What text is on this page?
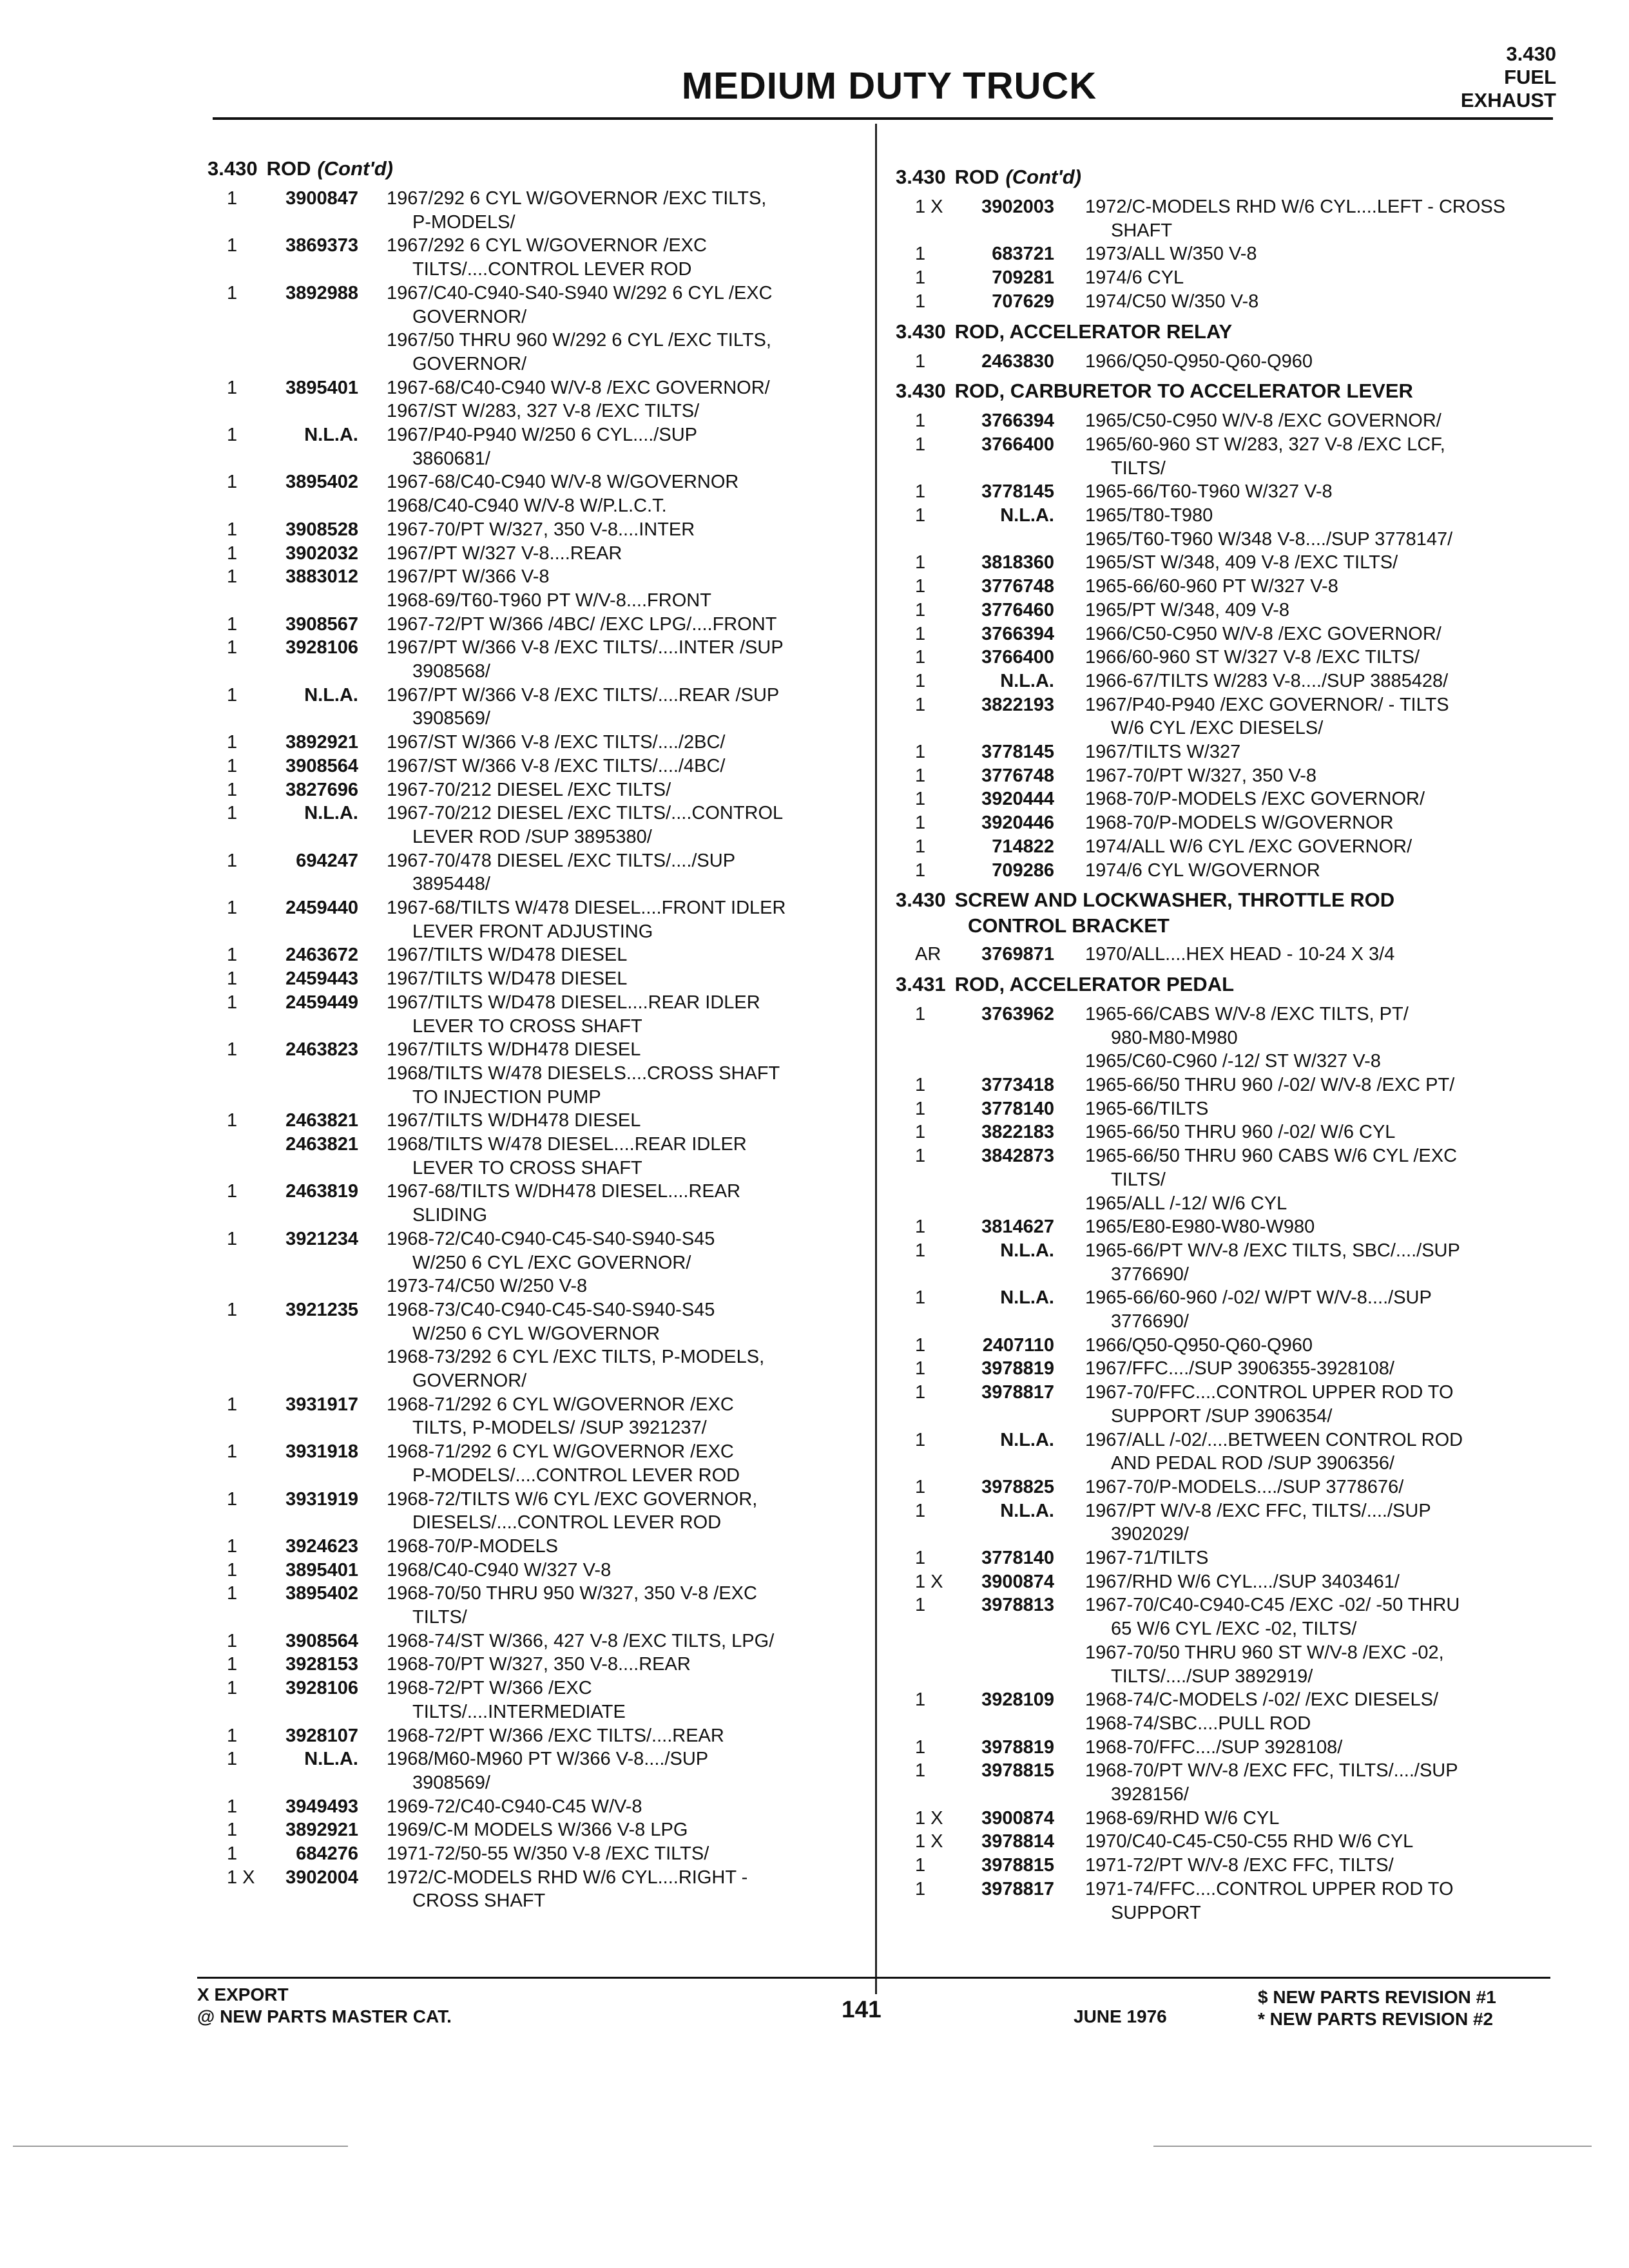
MEDIUM DUTY TRUCK
3.430
FUEL
EXHAUST
3.430 ROD (Cont'd)
1	3900847 1967/292 6 CYL W/GOVERNOR /EXC TILTS,
P-MODELS/
1	3869373 1967/292 6 CYL W/GOVERNOR /EXC
TILTS/....CONTROL LEVER ROD
1	3892988 1967/C40-C940-S40-S940 W/292 6 CYL /EXC
GOVERNOR/
1967/50 THRU 960 W/292 6 CYL /EXC TILTS,
GOVERNOR/
1	3895401 1967-68/C40-C940 W/V-8 /EXC GOVERNOR/
1967/ST W/283, 327 V-8 /EXC TILTS/
1	N.L.A. 1967/P40-P940 W/250 6 CYL..../SUP
3860681/
1	3895402 1967-68/C40-C940 W/V-8 W/GOVERNOR
1968/C40-C940 W/V-8 W/P.L.C.T.
1	3908528 1967-70/PT W/327, 350 V-8....INTER
1	3902032 1967/PT W/327 V-8....REAR
1	3883012 1967/PT W/366 V-8
1968-69/T60-T960 PT W/V-8....FRONT
1	3908567 1967-72/PT W/366 /4BC/ /EXC LPG/....FRONT
1	3928106 1967/PT W/366 V-8 /EXC TILTS/....INTER /SUP
3908568/
1	N.L.A. 1967/PT W/366 V-8 /EXC TILTS/....REAR /SUP
3908569/
1	3892921 1967/ST W/366 V-8 /EXC TILTS/..../2BC/
1	3908564 1967/ST W/366 V-8 /EXC TILTS/..../4BC/
1	3827696 1967-70/212 DIESEL /EXC TILTS/
1	N.L.A. 1967-70/212 DIESEL /EXC TILTS/....CONTROL
LEVER ROD /SUP 3895380/
1	694247 1967-70/478 DIESEL /EXC TILTS/..../SUP
3895448/
1	2459440 1967-68/TILTS W/478 DIESEL....FRONT IDLER
LEVER FRONT ADJUSTING
1	2463672 1967/TILTS W/D478 DIESEL
1	2459443 1967/TILTS W/D478 DIESEL
1	2459449 1967/TILTS W/D478 DIESEL....REAR IDLER
LEVER TO CROSS SHAFT
1	2463823 1967/TILTS W/DH478 DIESEL
1968/TILTS W/478 DIESELS....CROSS SHAFT
TO INJECTION PUMP
1	2463821 1967/TILTS W/DH478 DIESEL
2463821 1968/TILTS W/478 DIESEL....REAR IDLER
LEVER TO CROSS SHAFT
1	2463819 1967-68/TILTS W/DH478 DIESEL....REAR
SLIDING
1	3921234 1968-72/C40-C940-C45-S40-S940-S45
W/250 6 CYL /EXC GOVERNOR/
1973-74/C50 W/250 V-8
1	3921235 1968-73/C40-C940-C45-S40-S940-S45
W/250 6 CYL W/GOVERNOR
1968-73/292 6 CYL /EXC TILTS, P-MODELS,
GOVERNOR/
1	3931917 1968-71/292 6 CYL W/GOVERNOR /EXC
TILTS, P-MODELS/ /SUP 3921237/
1	3931918 1968-71/292 6 CYL W/GOVERNOR /EXC
P-MODELS/....CONTROL LEVER ROD
1	3931919 1968-72/TILTS W/6 CYL /EXC GOVERNOR,
DIESELS/....CONTROL LEVER ROD
1	3924623 1968-70/P-MODELS
1	3895401 1968/C40-C940 W/327 V-8
1	3895402 1968-70/50 THRU 950 W/327, 350 V-8 /EXC
TILTS/
1	3908564 1968-74/ST W/366, 427 V-8 /EXC TILTS, LPG/
1	3928153 1968-70/PT W/327, 350 V-8....REAR
1	3928106 1968-72/PT W/366 /EXC
TILTS/....INTERMEDIATE
1	3928107 1968-72/PT W/366 /EXC TILTS/....REAR
1	N.L.A. 1968/M60-M960 PT W/366 V-8..../SUP
3908569/
1	3949493 1969-72/C40-C940-C45 W/V-8
1	3892921 1969/C-M MODELS W/366 V-8 LPG
1	684276 1971-72/50-55 W/350 V-8 /EXC TILTS/
1 X	3902004 1972/C-MODELS RHD W/6 CYL....RIGHT -
CROSS SHAFT
3.430 ROD (Cont'd)
1 X	3902003 1972/C-MODELS RHD W/6 CYL....LEFT - CROSS
SHAFT
1	683721 1973/ALL W/350 V-8
1	709281 1974/6 CYL
1	707629 1974/C50 W/350 V-8
3.430 ROD, ACCELERATOR RELAY
1	2463830 1966/Q50-Q950-Q60-Q960
3.430 ROD, CARBURETOR TO ACCELERATOR LEVER
1	3766394 1965/C50-C950 W/V-8 /EXC GOVERNOR/
1	3766400 1965/60-960 ST W/283, 327 V-8 /EXC LCF,
TILTS/
1	3778145 1965-66/T60-T960 W/327 V-8
1	N.L.A. 1965/T80-T980
1965/T60-T960 W/348 V-8..../SUP 3778147/
1	3818360 1965/ST W/348, 409 V-8 /EXC TILTS/
1	3776748 1965-66/60-960 PT W/327 V-8
1	3776460 1965/PT W/348, 409 V-8
1	3766394 1966/C50-C950 W/V-8 /EXC GOVERNOR/
1	3766400 1966/60-960 ST W/327 V-8 /EXC TILTS/
1	N.L.A. 1966-67/TILTS W/283 V-8..../SUP 3885428/
1	3822193 1967/P40-P940 /EXC GOVERNOR/ - TILTS
W/6 CYL /EXC DIESELS/
1	3778145 1967/TILTS W/327
1	3776748 1967-70/PT W/327, 350 V-8
1	3920444 1968-70/P-MODELS /EXC GOVERNOR/
1	3920446 1968-70/P-MODELS W/GOVERNOR
1	714822 1974/ALL W/6 CYL /EXC GOVERNOR/
1	709286 1974/6 CYL W/GOVERNOR
3.430 SCREW AND LOCKWASHER, THROTTLE ROD
CONTROL BRACKET
AR	3769871 1970/ALL....HEX HEAD - 10-24 X 3/4
3.431 ROD, ACCELERATOR PEDAL
1	3763962 1965-66/CABS W/V-8 /EXC TILTS, PT/
980-M80-M980
1965/C60-C960 /-12/ ST W/327 V-8
1	3773418 1965-66/50 THRU 960 /-02/ W/V-8 /EXC PT/
1	3778140 1965-66/TILTS
1	3822183 1965-66/50 THRU 960 /-02/ W/6 CYL
1	3842873 1965-66/50 THRU 960 CABS W/6 CYL /EXC
TILTS/
1965/ALL /-12/ W/6 CYL
1	3814627 1965/E80-E980-W80-W980
1	N.L.A. 1965-66/PT W/V-8 /EXC TILTS, SBC/..../SUP
3776690/
1	N.L.A. 1965-66/60-960 /-02/ W/PT W/V-8..../SUP
3776690/
1	2407110 1966/Q50-Q950-Q60-Q960
1	3978819 1967/FFC..../SUP 3906355-3928108/
1	3978817 1967-70/FFC....CONTROL UPPER ROD TO
SUPPORT /SUP 3906354/
1	N.L.A. 1967/ALL /-02/....BETWEEN CONTROL ROD
AND PEDAL ROD /SUP 3906356/
1	3978825 1967-70/P-MODELS..../SUP 3778676/
1	N.L.A. 1967/PT W/V-8 /EXC FFC, TILTS/..../SUP
3902029/
1	3778140 1967-71/TILTS
1 X	3900874 1967/RHD W/6 CYL..../SUP 3403461/
1	3978813 1967-70/C40-C940-C45 /EXC -02/ -50 THRU
65 W/6 CYL /EXC -02, TILTS/
1967-70/50 THRU 960 ST W/V-8 /EXC -02,
TILTS/..../SUP 3892919/
1	3928109 1968-74/C-MODELS /-02/ /EXC DIESELS/
1968-74/SBC....PULL ROD
1	3978819 1968-70/FFC..../SUP 3928108/
1	3978815 1968-70/PT W/V-8 /EXC FFC, TILTS/..../SUP
3928156/
1 X	3900874 1968-69/RHD W/6 CYL
1 X	3978814 1970/C40-C45-C50-C55 RHD W/6 CYL
1	3978815 1971-72/PT W/V-8 /EXC FFC, TILTS/
1	3978817 1971-74/FFC....CONTROL UPPER ROD TO
SUPPORT
X EXPORT
@ NEW PARTS MASTER CAT.	141	JUNE 1976
$ NEW PARTS REVISION #1
* NEW PARTS REVISION #2
